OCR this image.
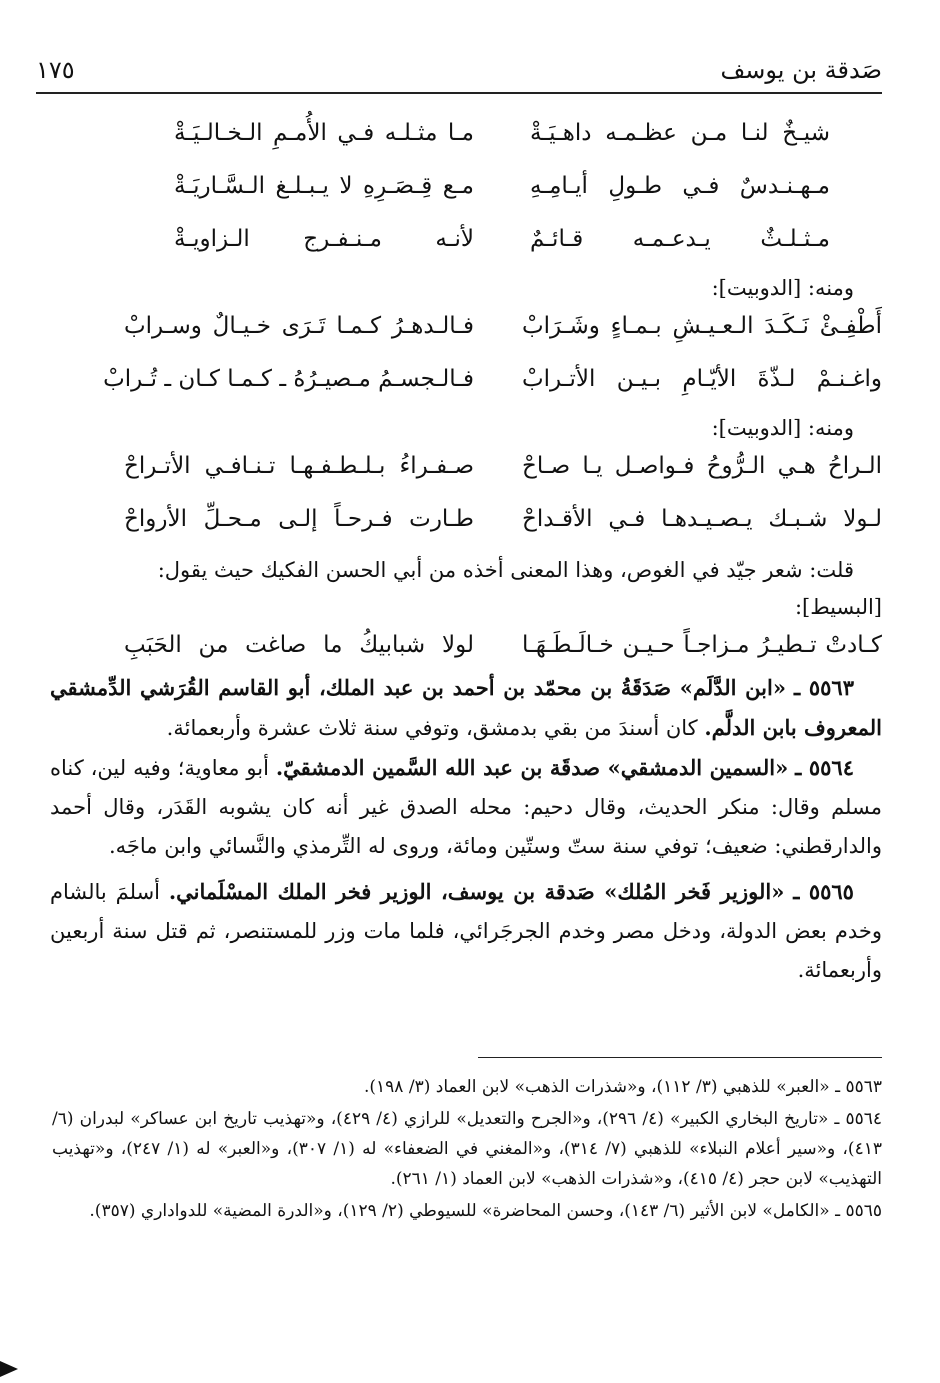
صَدقة بن يوسف
١٧٥
شيـخٌ لنـا مـن عظـمـه داهـيَـةْ
مـا مثـلـه فـي الأُمـمِ الـخـالـيَـةْ
مـهـنـدسٌ فـي طـولِ أيـامِـهِ
مـع قِـصَـرِهِ لا يـبـلـغ الـسَّـاريَـةْ
مـثـلـثٌ يـدعـمـه قـائـمٌ
لأنـه مـنـفـرج الـزاويـةْ
ومنه: [الدوبيت]:
أَطْفِـئْ نَـكَـدَ الـعـيـشِ بـمـاءٍ وشَـرَابْ
فـالـدهـرُ كـمـا تَـرَى خـيـالٌ وسـرابْ
واغـنـمْ لـذّةَ الأيّـامِ بـيـن الأتـرابْ
فـالـجسـمُ مـصيـرُهُ ـ كـمـا كـان ـ تُـرابْ
ومنه: [الدوبيت]:
الـراحُ هـي الـرُّوحُ فـواصـل يـا صـاحْ
صـفـراءُ بـلـطـفـهـا تـنـافـي الأتـراحْ
لـولا شـبـك يـصـيـدهـا فـي الأقـداحْ
طـارت فـرحـاً إلـى مـحـلِّ الأرواحْ

قلت: شعر جيّد في الغوص، وهذا المعنى أخذه من أبي الحسن الفكيك حيث يقول:

[البسيط]:
كـادتْ تـطيـرُ مـزاجـاً حـيـن خـالَـطَـهَـا
لولا شبابيكُ ما صاغت من الحَبَبِ

٥٥٦٣ ـ «ابن الدَّلَم» صَدَقَةُ بن محمّد بن أحمد بن عبد الملك، أبو القاسم القُرَشي الدِّمشقي المعروف بابن الدلَّم. كان أسندَ من بقي بدمشق، وتوفي سنة ثلاث عشرة وأربعمائة.

٥٥٦٤ ـ «السمين الدمشقي» صدقَة بن عبد الله السَّمين الدمشقيّ. أبو معاوية؛ وفيه لين، كناه مسلم وقال: منكر الحديث، وقال دحيم: محله الصدق غير أنه كان يشوبه القَدَر، وقال أحمد والدارقطني: ضعيف؛ توفي سنة ستّ وستّين ومائة، وروى له التِّرمذي والنَّسائي وابن ماجَه.

٥٥٦٥ ـ «الوزير فَخر المُلك» صَدقة بن يوسف، الوزير فخر الملك المسْلَماني. أسلمَ بالشام وخدم بعض الدولة، ودخل مصر وخدم الجرجَرائي، فلما مات وزر للمستنصر، ثم قتل سنة أربعين وأربعمائة.

٥٥٦٣ ـ «العبر» للذهبي (٣/ ١١٢)، و«شذرات الذهب» لابن العماد (٣/ ١٩٨).

٥٥٦٤ ـ «تاريخ البخاري الكبير» (٤/ ٢٩٦)، و«الجرح والتعديل» للرازي (٤/ ٤٢٩)، و«تهذيب تاريخ ابن عساكر» لبدران (٦/ ٤١٣)، و«سير أعلام النبلاء» للذهبي (٧/ ٣١٤)، و«المغني في الضعفاء» له (١/ ٣٠٧)، و«العبر» له (١/ ٢٤٧)، و«تهذيب التهذيب» لابن حجر (٤/ ٤١٥)، و«شذرات الذهب» لابن العماد (١/ ٢٦١).

٥٥٦٥ ـ «الكامل» لابن الأثير (٦/ ١٤٣)، وحسن المحاضرة» للسيوطي (٢/ ١٢٩)، و«الدرة المضية» للدواداري (٣٥٧).
